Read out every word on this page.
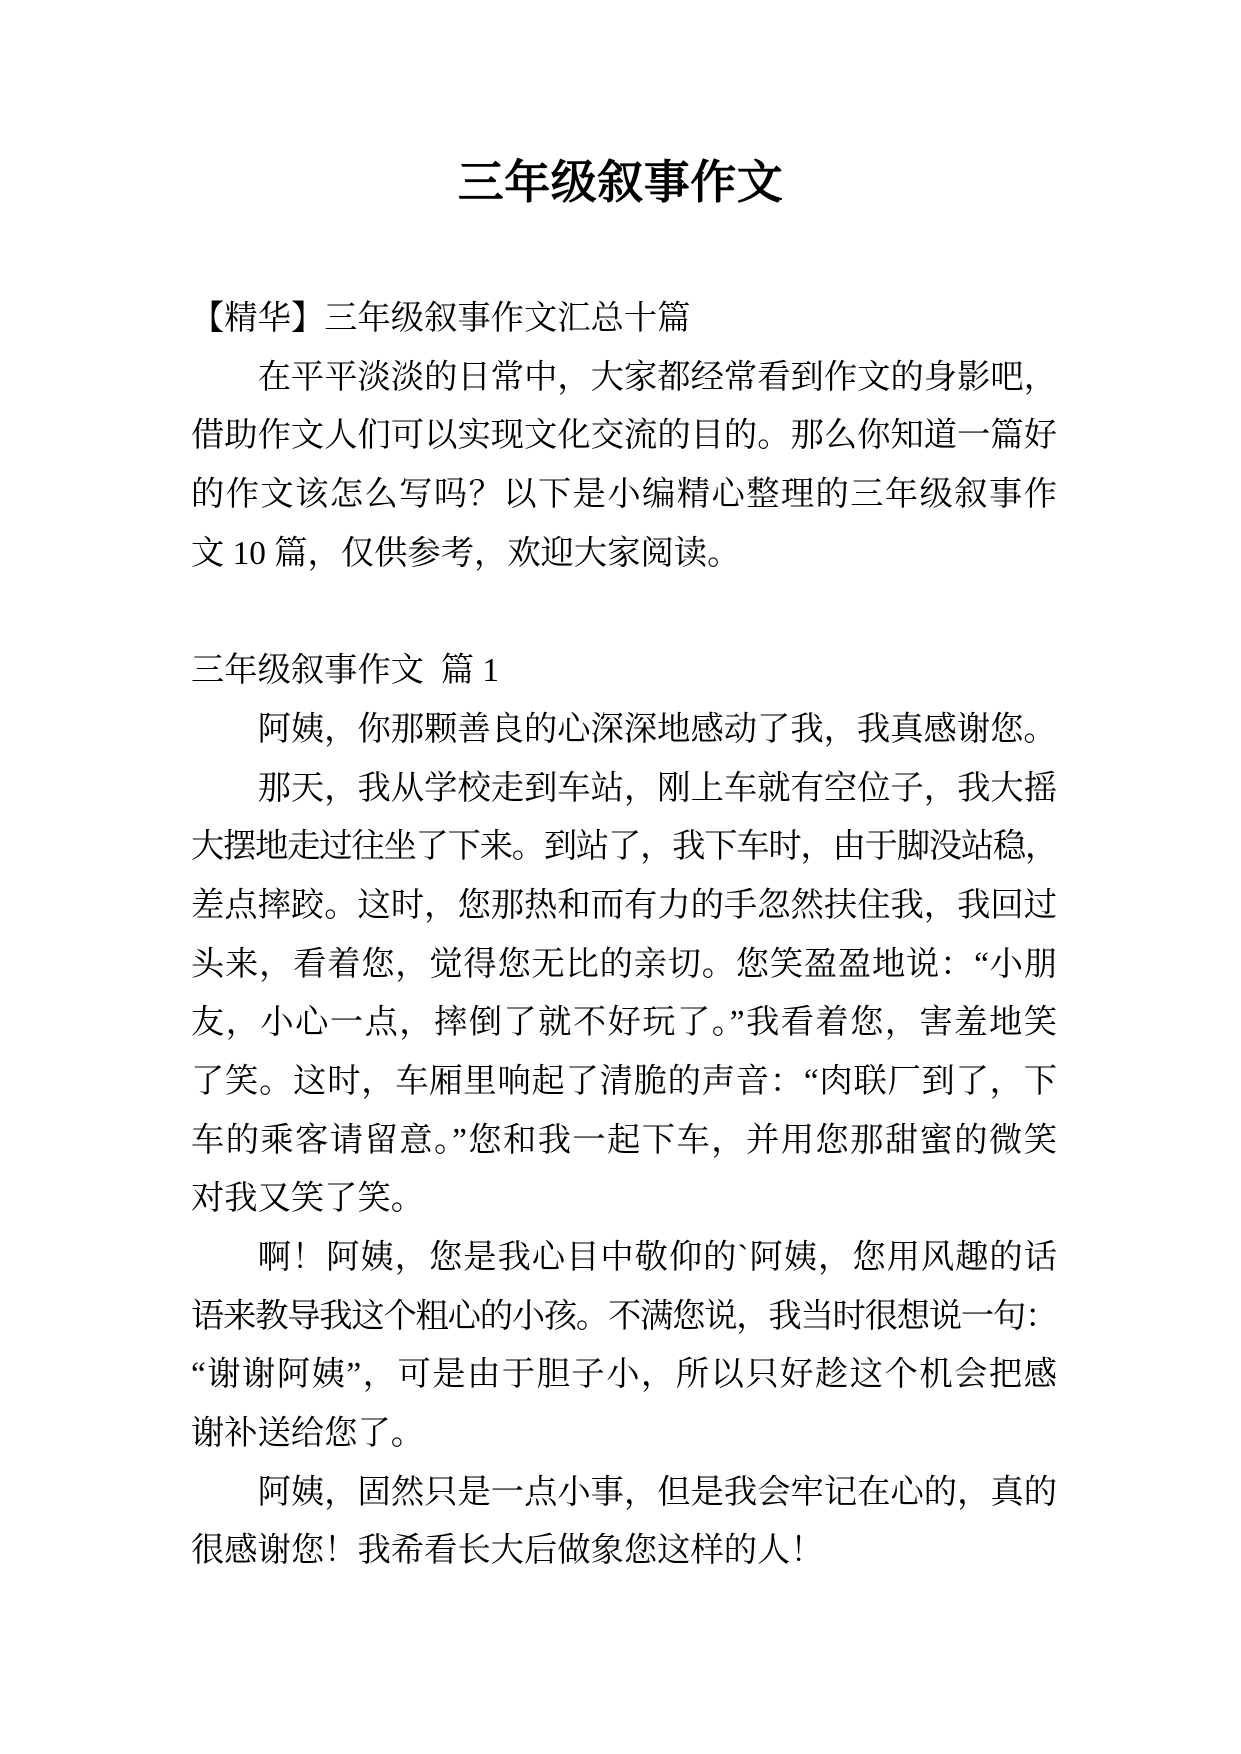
三年级叙事作文
【精华】三年级叙事作文汇总十篇
在平平淡淡的日常中，大家都经常看到作文的身影吧，
借助作文人们可以实现文化交流的目的。那么你知道一篇好
的作文该怎么写吗？以下是小编精心整理的三年级叙事作
文 10 篇，仅供参考，欢迎大家阅读。
三年级叙事作文  篇 1
阿姨，你那颗善良的心深深地感动了我，我真感谢您。
那天，我从学校走到车站，刚上车就有空位子，我大摇
大摆地走过往坐了下来。到站了，我下车时，由于脚没站稳，
差点摔跤。这时，您那热和而有力的手忽然扶住我，我回过
头来，看着您，觉得您无比的亲切。您笑盈盈地说：“小朋
友，小心一点，摔倒了就不好玩了。”我看着您，害羞地笑
了笑。这时，车厢里响起了清脆的声音：“肉联厂到了，下
车的乘客请留意。”您和我一起下车，并用您那甜蜜的微笑
对我又笑了笑。
啊！阿姨，您是我心目中敬仰的`阿姨，您用风趣的话
语来教导我这个粗心的小孩。不满您说，我当时很想说一句：
“谢谢阿姨”，可是由于胆子小，所以只好趁这个机会把感
谢补送给您了。
阿姨，固然只是一点小事，但是我会牢记在心的，真的
很感谢您！我希看长大后做象您这样的人！
